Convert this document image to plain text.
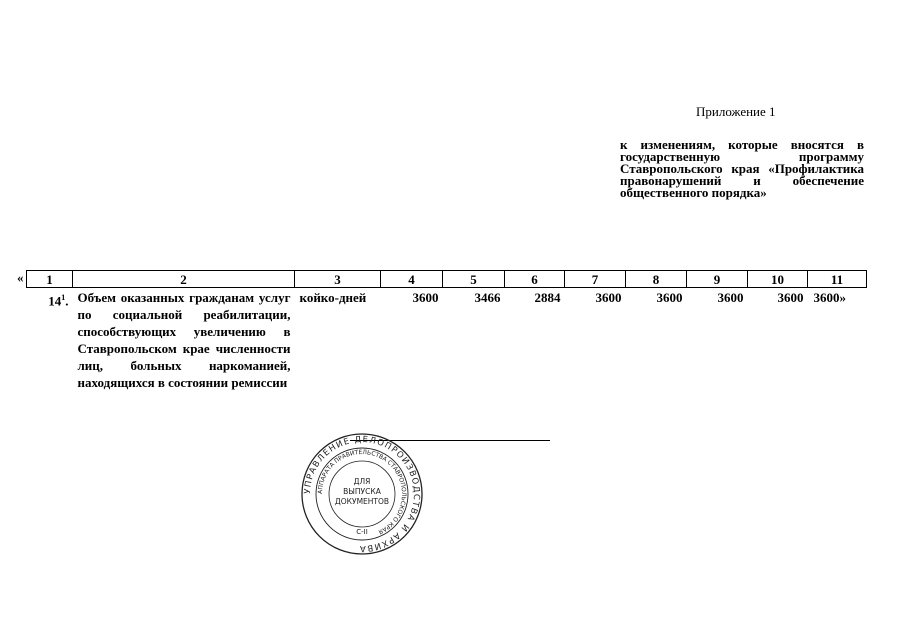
Приложение 1
к изменениям, которые вносятся в государственную программу Ставропольского края «Профилактика правонарушений и обеспечение общественного порядка»
« 1	2	3	4	5	6	7	8	9	10	11
$14^1$.	Объем оказанных гражданам услуг по социальной реабилитации, способствующих увеличению в Ставропольском крае численности лиц, больных наркоманией, находящихся в состоянии ремиссии	койко-дней	3600	3466	2884	3600	3600	3600	3600	3600»
УПРАВЛЕНИЕ ДЕЛОПРОИЗВОДСТВА И АРХИВА
АППАРАТА ПРАВИТЕЛЬСТВА СТАВРОПОЛЬСКОГО КРАЯ
ДЛЯ
ВЫПУСКА
ДОКУМЕНТОВ
С-II
